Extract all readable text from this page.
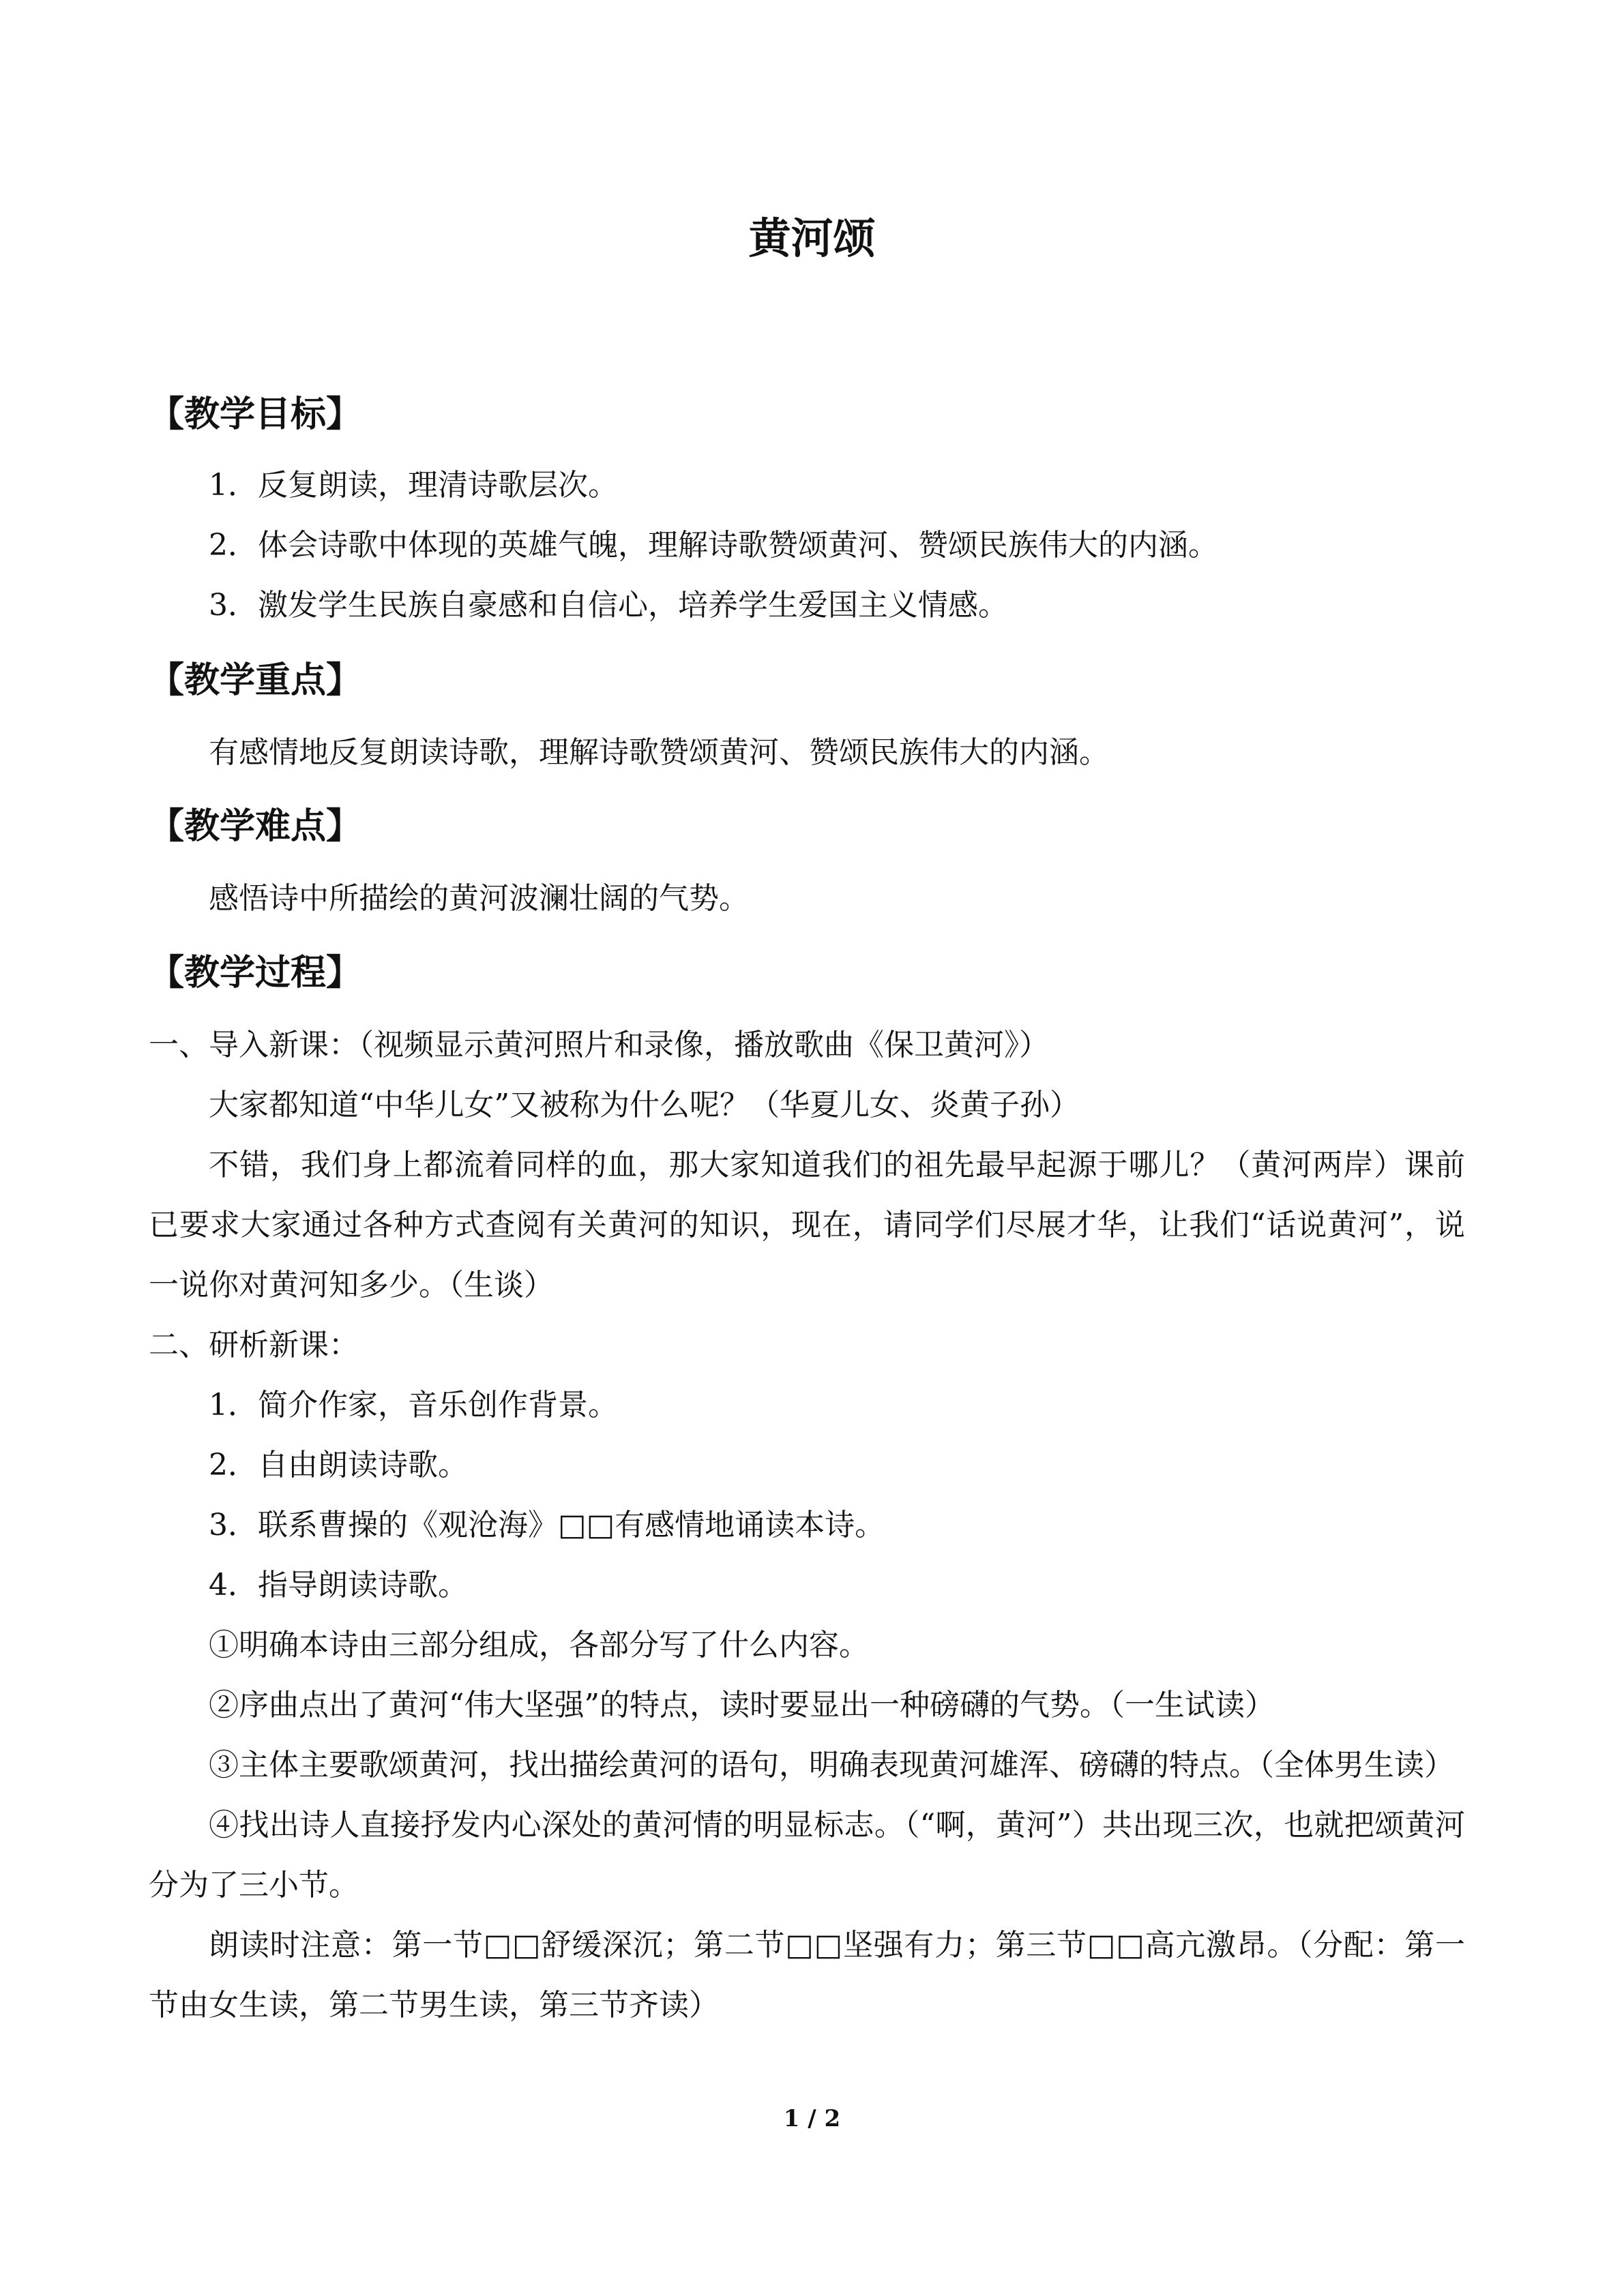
黄河颂
【教学目标】

1．反复朗读，理清诗歌层次。

2．体会诗歌中体现的英雄气魄，理解诗歌赞颂黄河、赞颂民族伟大的内涵。

3．激发学生民族自豪感和自信心，培养学生爱国主义情感。

【教学重点】

有感情地反复朗读诗歌，理解诗歌赞颂黄河、赞颂民族伟大的内涵。

【教学难点】

感悟诗中所描绘的黄河波澜壮阔的气势。

【教学过程】

一、导入新课：（视频显示黄河照片和录像，播放歌曲《保卫黄河》）

大家都知道“中华儿女”又被称为什么呢？（华夏儿女、炎黄子孙）

不错，我们身上都流着同样的血，那大家知道我们的祖先最早起源于哪儿？（黄河两岸）课前已要求大家通过各种方式查阅有关黄河的知识，现在，请同学们尽展才华，让我们“话说黄河”，说一说你对黄河知多少。（生谈）

二、研析新课：

1．简介作家，音乐创作背景。

2．自由朗读诗歌。

3．联系曹操的《观沧海》□□有感情地诵读本诗。

4．指导朗读诗歌。

①明确本诗由三部分组成，各部分写了什么内容。

②序曲点出了黄河“伟大坚强”的特点，读时要显出一种磅礴的气势。（一生试读）

③主体主要歌颂黄河，找出描绘黄河的语句，明确表现黄河雄浑、磅礴的特点。（全体男生读）

④找出诗人直接抒发内心深处的黄河情的明显标志。（“啊，黄河”）共出现三次，也就把颂黄河分为了三小节。

朗读时注意：第一节□□舒缓深沉；第二节□□坚强有力；第三节□□高亢激昂。（分配：第一节由女生读，第二节男生读，第三节齐读）

1 / 2
